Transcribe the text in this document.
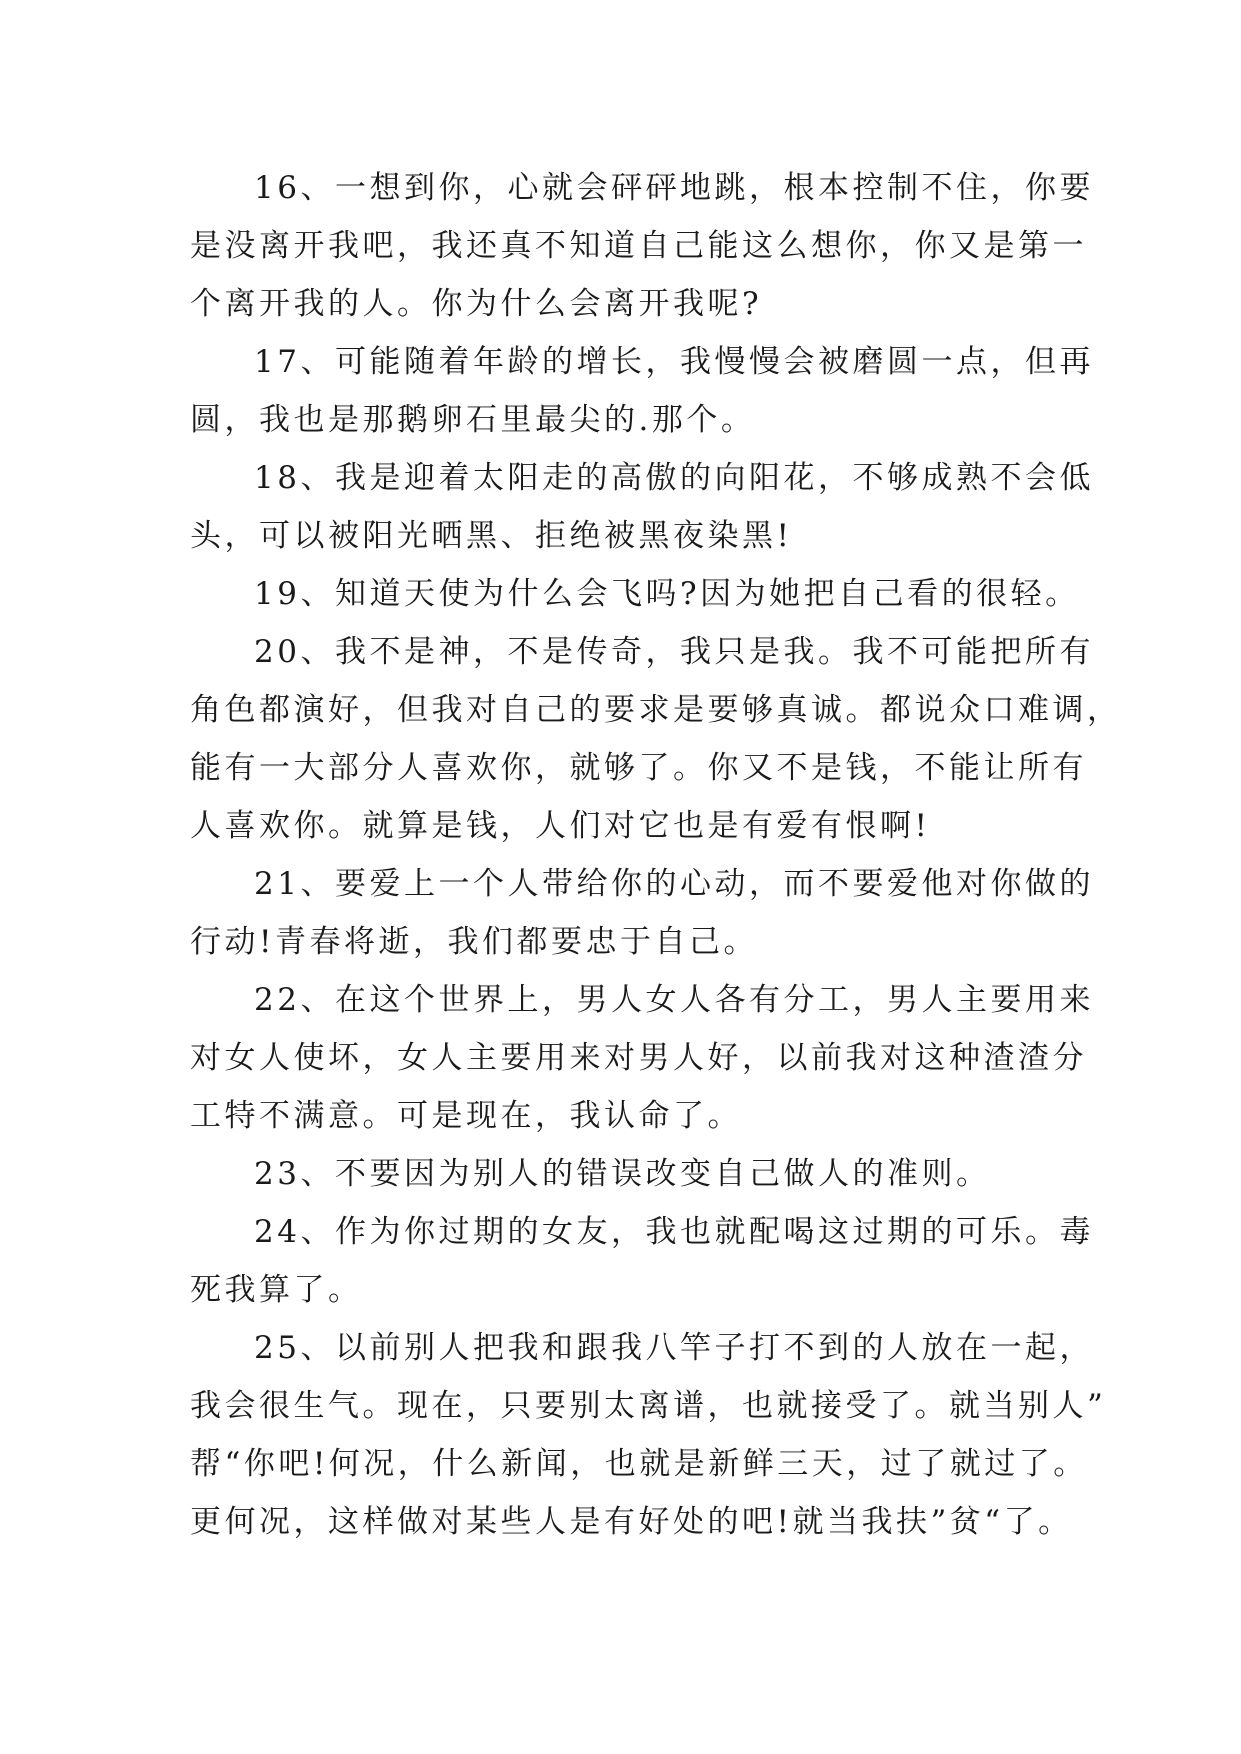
16、一想到你，心就会砰砰地跳，根本控制不住，你要
是没离开我吧，我还真不知道自己能这么想你，你又是第一
个离开我的人。你为什么会离开我呢?
17、可能随着年龄的增长，我慢慢会被磨圆一点，但再
圆，我也是那鹅卵石里最尖的.那个。
18、我是迎着太阳走的高傲的向阳花，不够成熟不会低
头，可以被阳光晒黑、拒绝被黑夜染黑!
19、知道天使为什么会飞吗?因为她把自己看的很轻。
20、我不是神，不是传奇，我只是我。我不可能把所有
角色都演好，但我对自己的要求是要够真诚。都说众口难调，
能有一大部分人喜欢你，就够了。你又不是钱，不能让所有
人喜欢你。就算是钱，人们对它也是有爱有恨啊!
21、要爱上一个人带给你的心动，而不要爱他对你做的
行动!青春将逝，我们都要忠于自己。
22、在这个世界上，男人女人各有分工，男人主要用来
对女人使坏，女人主要用来对男人好，以前我对这种渣渣分
工特不满意。可是现在，我认命了。
23、不要因为别人的错误改变自己做人的准则。
24、作为你过期的女友，我也就配喝这过期的可乐。毒
死我算了。
25、以前别人把我和跟我八竿子打不到的人放在一起，
我会很生气。现在，只要别太离谱，也就接受了。就当别人”
帮“你吧!何况，什么新闻，也就是新鲜三天，过了就过了。
更何况，这样做对某些人是有好处的吧!就当我扶”贫“了。
